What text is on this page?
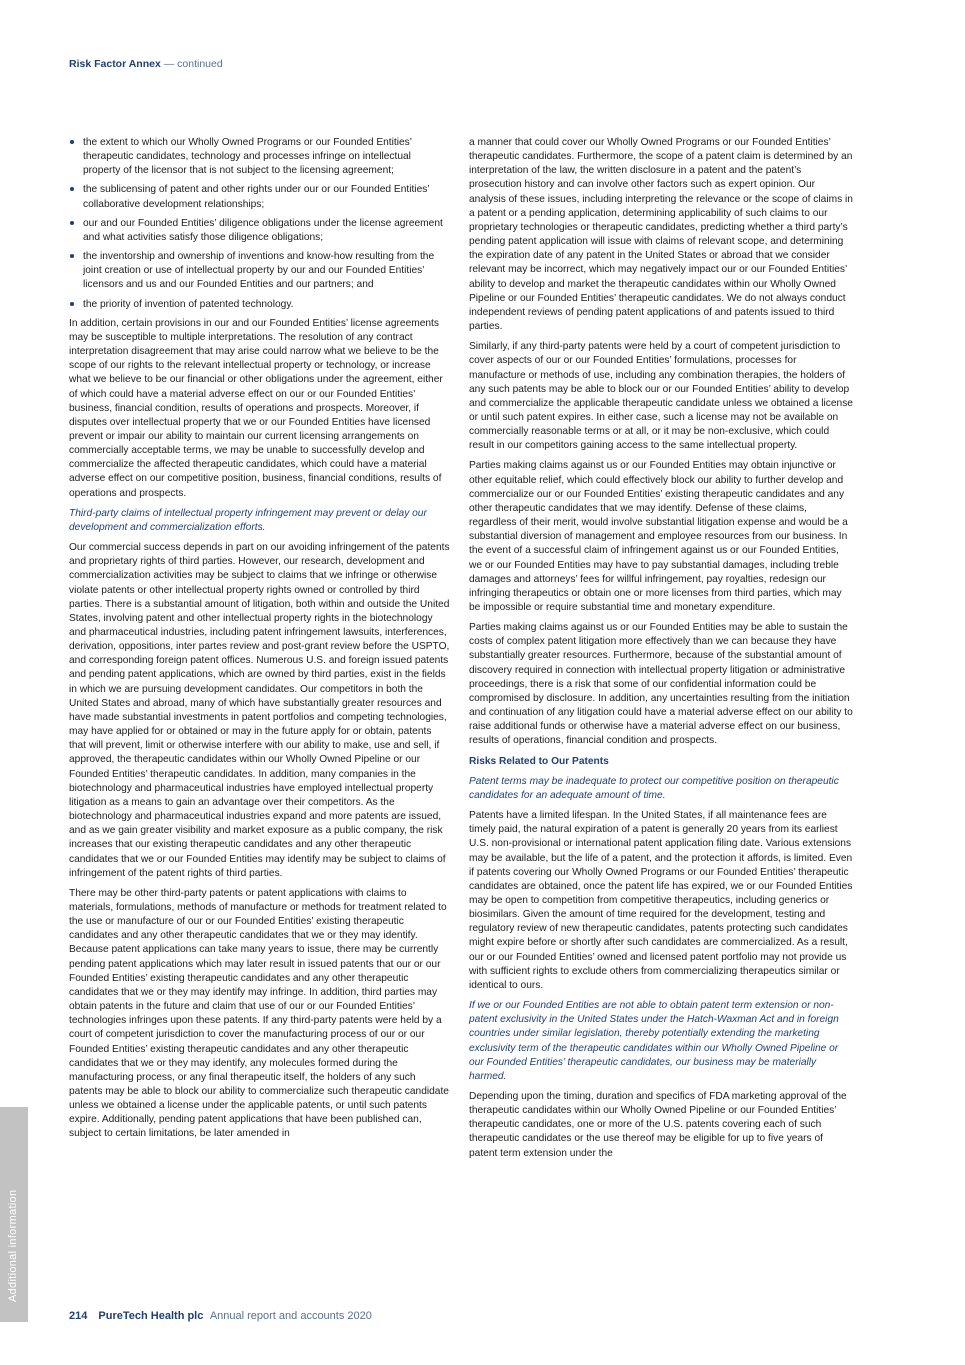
Risk Factor Annex — continued
the extent to which our Wholly Owned Programs or our Founded Entities’ therapeutic candidates, technology and processes infringe on intellectual property of the licensor that is not subject to the licensing agreement;
the sublicensing of patent and other rights under our or our Founded Entities’ collaborative development relationships;
our and our Founded Entities’ diligence obligations under the license agreement and what activities satisfy those diligence obligations;
the inventorship and ownership of inventions and know-how resulting from the joint creation or use of intellectual property by our and our Founded Entities’ licensors and us and our Founded Entities and our partners; and
the priority of invention of patented technology.

In addition, certain provisions in our and our Founded Entities’ license agreements may be susceptible to multiple interpretations. The resolution of any contract interpretation disagreement that may arise could narrow what we believe to be the scope of our rights to the relevant intellectual property or technology, or increase what we believe to be our financial or other obligations under the agreement, either of which could have a material adverse effect on our or our Founded Entities’ business, financial condition, results of operations and prospects. Moreover, if disputes over intellectual property that we or our Founded Entities have licensed prevent or impair our ability to maintain our current licensing arrangements on commercially acceptable terms, we may be unable to successfully develop and commercialize the affected therapeutic candidates, which could have a material adverse effect on our competitive position, business, financial conditions, results of operations and prospects.

Third-party claims of intellectual property infringement may prevent or delay our development and commercialization efforts.

Our commercial success depends in part on our avoiding infringement of the patents and proprietary rights of third parties. However, our research, development and commercialization activities may be subject to claims that we infringe or otherwise violate patents or other intellectual property rights owned or controlled by third parties. There is a substantial amount of litigation, both within and outside the United States, involving patent and other intellectual property rights in the biotechnology and pharmaceutical industries, including patent infringement lawsuits, interferences, derivation, oppositions, inter partes review and post-grant review before the USPTO, and corresponding foreign patent offices. Numerous U.S. and foreign issued patents and pending patent applications, which are owned by third parties, exist in the fields in which we are pursuing development candidates. Our competitors in both the United States and abroad, many of which have substantially greater resources and have made substantial investments in patent portfolios and competing technologies, may have applied for or obtained or may in the future apply for or obtain, patents that will prevent, limit or otherwise interfere with our ability to make, use and sell, if approved, the therapeutic candidates within our Wholly Owned Pipeline or our Founded Entities’ therapeutic candidates. In addition, many companies in the biotechnology and pharmaceutical industries have employed intellectual property litigation as a means to gain an advantage over their competitors. As the biotechnology and pharmaceutical industries expand and more patents are issued, and as we gain greater visibility and market exposure as a public company, the risk increases that our existing therapeutic candidates and any other therapeutic candidates that we or our Founded Entities may identify may be subject to claims of infringement of the patent rights of third parties.

There may be other third-party patents or patent applications with claims to materials, formulations, methods of manufacture or methods for treatment related to the use or manufacture of our or our Founded Entities’ existing therapeutic candidates and any other therapeutic candidates that we or they may identify. Because patent applications can take many years to issue, there may be currently pending patent applications which may later result in issued patents that our or our Founded Entities’ existing therapeutic candidates and any other therapeutic candidates that we or they may identify may infringe. In addition, third parties may obtain patents in the future and claim that use of our or our Founded Entities’ technologies infringes upon these patents. If any third-party patents were held by a court of competent jurisdiction to cover the manufacturing process of our or our Founded Entities’ existing therapeutic candidates and any other therapeutic candidates that we or they may identify, any molecules formed during the manufacturing process, or any final therapeutic itself, the holders of any such patents may be able to block our ability to commercialize such therapeutic candidate unless we obtained a license under the applicable patents, or until such patents expire. Additionally, pending patent applications that have been published can, subject to certain limitations, be later amended in

a manner that could cover our Wholly Owned Programs or our Founded Entities’ therapeutic candidates. Furthermore, the scope of a patent claim is determined by an interpretation of the law, the written disclosure in a patent and the patent’s prosecution history and can involve other factors such as expert opinion. Our analysis of these issues, including interpreting the relevance or the scope of claims in a patent or a pending application, determining applicability of such claims to our proprietary technologies or therapeutic candidates, predicting whether a third party’s pending patent application will issue with claims of relevant scope, and determining the expiration date of any patent in the United States or abroad that we consider relevant may be incorrect, which may negatively impact our or our Founded Entities’ ability to develop and market the therapeutic candidates within our Wholly Owned Pipeline or our Founded Entities’ therapeutic candidates. We do not always conduct independent reviews of pending patent applications of and patents issued to third parties.

Similarly, if any third-party patents were held by a court of competent jurisdiction to cover aspects of our or our Founded Entities’ formulations, processes for manufacture or methods of use, including any combination therapies, the holders of any such patents may be able to block our or our Founded Entities’ ability to develop and commercialize the applicable therapeutic candidate unless we obtained a license or until such patent expires. In either case, such a license may not be available on commercially reasonable terms or at all, or it may be non-exclusive, which could result in our competitors gaining access to the same intellectual property.

Parties making claims against us or our Founded Entities may obtain injunctive or other equitable relief, which could effectively block our ability to further develop and commercialize our or our Founded Entities’ existing therapeutic candidates and any other therapeutic candidates that we may identify. Defense of these claims, regardless of their merit, would involve substantial litigation expense and would be a substantial diversion of management and employee resources from our business. In the event of a successful claim of infringement against us or our Founded Entities, we or our Founded Entities may have to pay substantial damages, including treble damages and attorneys’ fees for willful infringement, pay royalties, redesign our infringing therapeutics or obtain one or more licenses from third parties, which may be impossible or require substantial time and monetary expenditure.

Parties making claims against us or our Founded Entities may be able to sustain the costs of complex patent litigation more effectively than we can because they have substantially greater resources. Furthermore, because of the substantial amount of discovery required in connection with intellectual property litigation or administrative proceedings, there is a risk that some of our confidential information could be compromised by disclosure. In addition, any uncertainties resulting from the initiation and continuation of any litigation could have a material adverse effect on our ability to raise additional funds or otherwise have a material adverse effect on our business, results of operations, financial condition and prospects.

Risks Related to Our Patents

Patent terms may be inadequate to protect our competitive position on therapeutic candidates for an adequate amount of time.

Patents have a limited lifespan. In the United States, if all maintenance fees are timely paid, the natural expiration of a patent is generally 20 years from its earliest U.S. non-provisional or international patent application filing date. Various extensions may be available, but the life of a patent, and the protection it affords, is limited. Even if patents covering our Wholly Owned Programs or our Founded Entities’ therapeutic candidates are obtained, once the patent life has expired, we or our Founded Entities may be open to competition from competitive therapeutics, including generics or biosimilars. Given the amount of time required for the development, testing and regulatory review of new therapeutic candidates, patents protecting such candidates might expire before or shortly after such candidates are commercialized. As a result, our or our Founded Entities’ owned and licensed patent portfolio may not provide us with sufficient rights to exclude others from commercializing therapeutics similar or identical to ours.

If we or our Founded Entities are not able to obtain patent term extension or non-patent exclusivity in the United States under the Hatch-Waxman Act and in foreign countries under similar legislation, thereby potentially extending the marketing exclusivity term of the therapeutic candidates within our Wholly Owned Pipeline or our Founded Entities’ therapeutic candidates, our business may be materially harmed.

Depending upon the timing, duration and specifics of FDA marketing approval of the therapeutic candidates within our Wholly Owned Pipeline or our Founded Entities’ therapeutic candidates, one or more of the U.S. patents covering each of such therapeutic candidates or the use thereof may be eligible for up to five years of patent term extension under the

Additional information
214 PureTech Health plc Annual report and accounts 2020
